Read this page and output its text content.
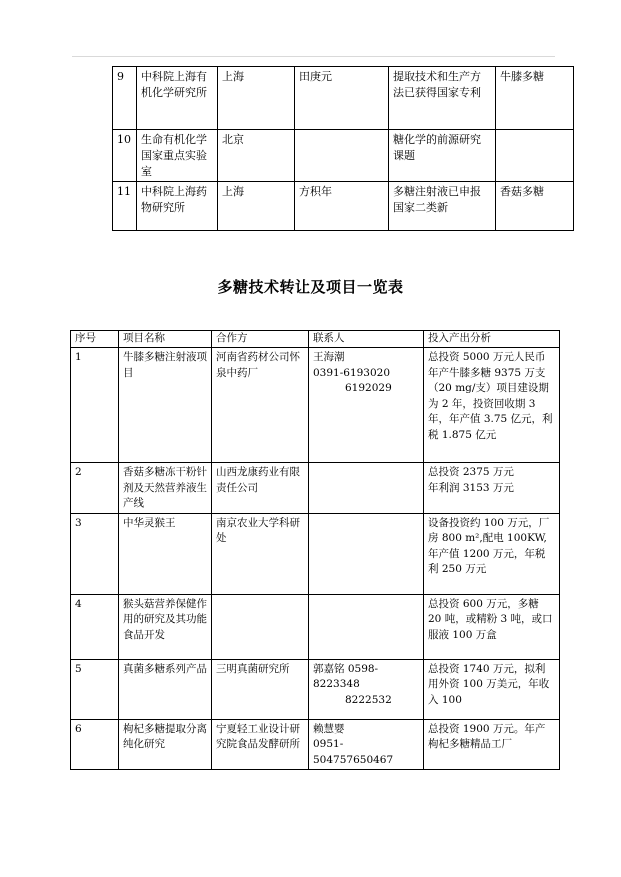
9	中科院上海有机化学研究所	上海	田庚元	提取技术和生产方法已获得国家专利	牛膝多糖
10	生命有机化学国家重点实验室	北京		糖化学的前源研究课题	
11	中科院上海药物研究所	上海	方积年	多糖注射液已申报国家二类新	香菇多糖
多糖技术转让及项目一览表
序号	项目名称	合作方	联系人	投入产出分析
1	牛膝多糖注射液项目	河南省药材公司怀泉中药厂	王海潮
0391-6193020
6192029	总投资 5000 万元人民币年产牛膝多糖 9375 万支（20 mg/支）项目建设期为 2 年，投资回收期 3 年，年产值 3.75 亿元，利税 1.875 亿元
2	香菇多糖冻干粉针剂及天然营养液生产线	山西龙康药业有限责任公司		总投资 2375 万元
年利润 3153 万元

3	中华灵猴王	南京农业大学科研处		设备投资约 100 万元，厂房 800 m²,配电 100KW,年产值 1200 万元，年税利 250 万元
4	猴头菇营养保健作用的研究及其功能食品开发			总投资 600 万元，多糖 20 吨，或精粉 3 吨，或口服液 100 万盒
5	真菌多糖系列产品	三明真菌研究所	郭嘉铭 0598-8223348
8222532	总投资 1740 万元，拟利用外资 100 万美元，年收入 100
6	枸杞多糖提取分离纯化研究	宁夏轻工业设计研究院食品发酵研所	赖慧婴
0951-504757650467	总投资 1900 万元。年产枸杞多糖精品工厂
